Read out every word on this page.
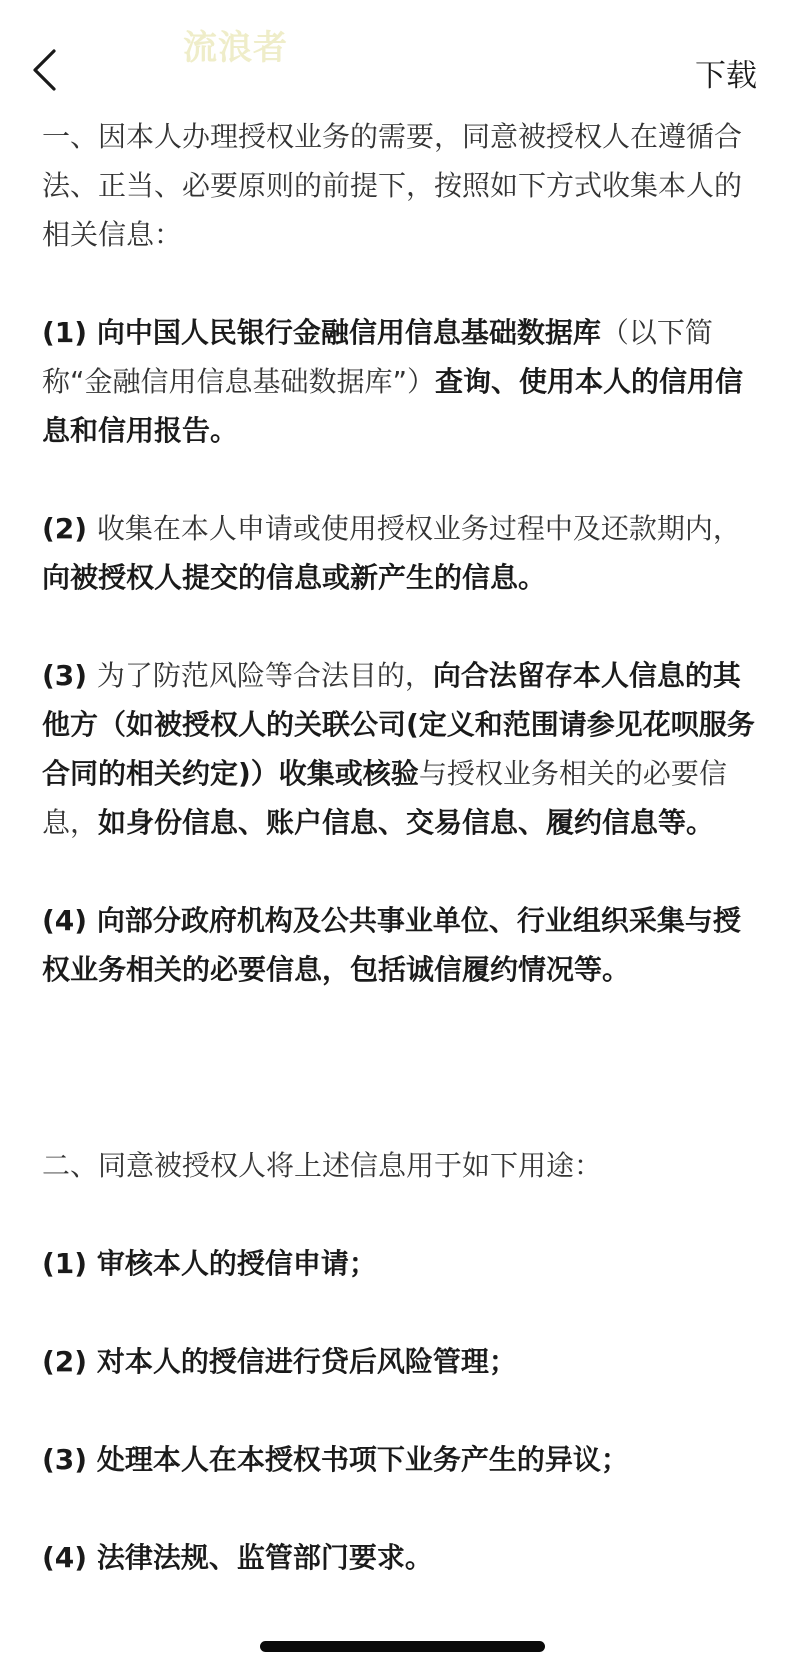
流浪者
下载

一、因本人办理授权业务的需要，同意被授权人在遵循合法、正当、必要原则的前提下，按照如下方式收集本人的相关信息：

(1) 向中国人民银行金融信用信息基础数据库（以下简称“金融信用信息基础数据库”）查询、使用本人的信用信息和信用报告。

(2) 收集在本人申请或使用授权业务过程中及还款期内，向被授权人提交的信息或新产生的信息。

(3) 为了防范风险等合法目的，向合法留存本人信息的其他方（如被授权人的关联公司(定义和范围请参见花呗服务合同的相关约定)）收集或核验与授权业务相关的必要信息，如身份信息、账户信息、交易信息、履约信息等。

(4) 向部分政府机构及公共事业单位、行业组织采集与授权业务相关的必要信息，包括诚信履约情况等。

二、同意被授权人将上述信息用于如下用途：

(1) 审核本人的授信申请；

(2) 对本人的授信进行贷后风险管理；

(3) 处理本人在本授权书项下业务产生的异议；

(4) 法律法规、监管部门要求。
